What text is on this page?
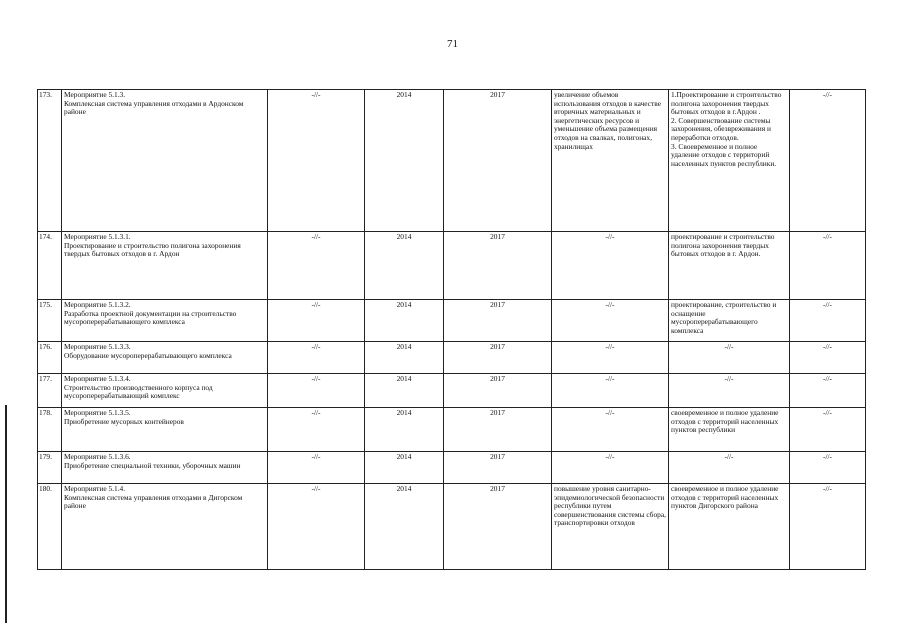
71
173.	Мероприятие 5.1.3.
Комплексная система управления отходами в Ардонском районе	-//-	2014	2017	увеличение объемов использования отходов в качестве вторичных материальных и энергетических ресурсов и уменьшение объема размещения отходов на свалках, полигонах, хранилищах	1.Проектирование и строительство полигона захоронения твердых бытовых отходов в г.Ардон .
2. Совершенствование системы захоронения, обезвреживания и переработки отходов.
3. Своевременное и полное удаление отходов с территорий населенных пунктов республики.	-//-
174.	Мероприятие 5.1.3.1.
Проектирование и строительство полигона захоронения твердых бытовых отходов в г. Ардон	-//-	2014	2017	-//-	проектирование и строительство полигона захоронения твердых бытовых отходов в г. Ардон.	-//-
175.	Мероприятие 5.1.3.2.
Разработка проектной документации на строительство мусороперерабатывающего комплекса	-//-	2014	2017	-//-	проектирование, строительство и оснащение мусороперерабатывающего комплекса	-//-
176.	Мероприятие 5.1.3.3.
Оборудование мусороперерабатывающего комплекса	-//-	2014	2017	-//-	-//-	-//-
177.	Мероприятие 5.1.3.4.
Строительство производственного корпуса под мусороперерабатывающий комплекс	-//-	2014	2017	-//-	-//-	-//-
178.	Мероприятие 5.1.3.5.
Приобретение мусорных контейнеров	-//-	2014	2017	-//-	своевременное и полное удаление отходов с территорий населенных пунктов республики	-//-
179.	Мероприятие 5.1.3.6.
Приобретение специальной техники, уборочных машин	-//-	2014	2017	-//-	-//-	-//-
180.	Мероприятие 5.1.4.
Комплексная система управления отходами в Дигорском районе	-//-	2014	2017	повышение уровня санитарно-эпидемиологической безопасности республики путем совершенствования системы сбора, транспортировки отходов	своевременное и полное удаление отходов с территорий населенных пунктов Дигорского района	-//-
